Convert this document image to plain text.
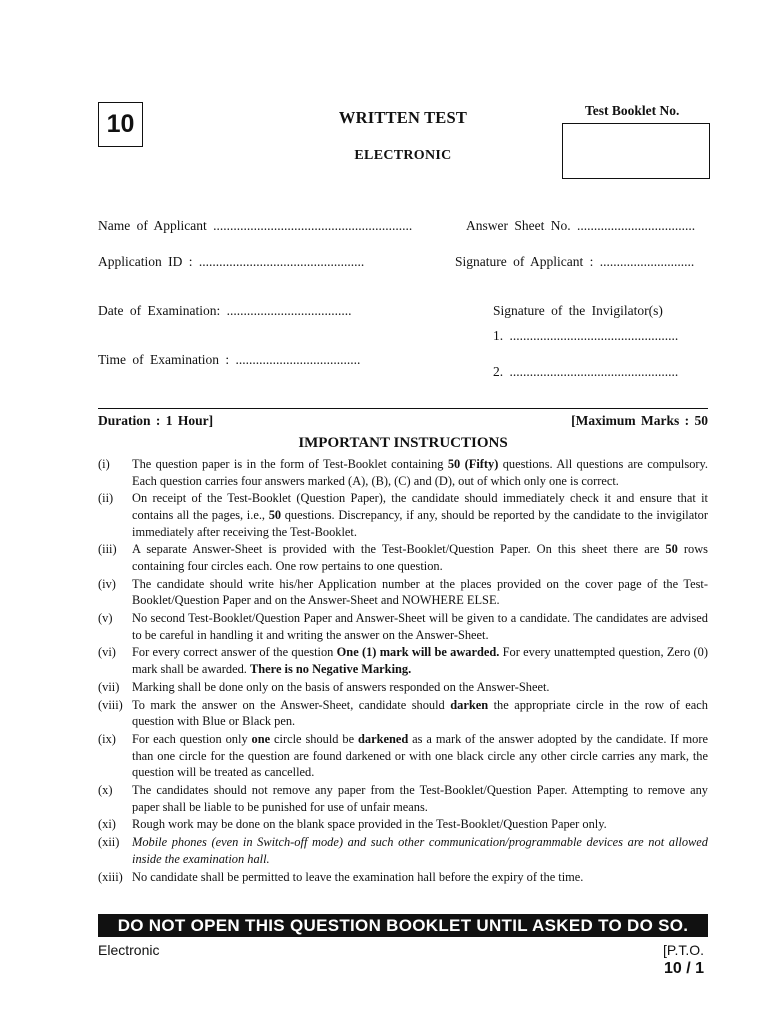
10	WRITTEN TEST
ELECTRONIC
Test Booklet No.
Name of Applicant ...........................................................	Answer Sheet No. ...................................
Application ID : .................................................	Signature of Applicant : ............................
Date of Examination: .....................................	Signature of the Invigilator(s)
1. ..................................................
Time of Examination : .....................................
2. ..................................................
Duration : 1 Hour]	[Maximum Marks : 50
IMPORTANT INSTRUCTIONS
(i)	The question paper is in the form of Test-Booklet containing 50 (Fifty) questions. All questions are compulsory. Each question carries four answers marked (A), (B), (C) and (D), out of which only one is correct.
(ii)	On receipt of the Test-Booklet (Question Paper), the candidate should immediately check it and ensure that it contains all the pages, i.e., 50 questions. Discrepancy, if any, should be reported by the candidate to the invigilator immediately after receiving the Test-Booklet.
(iii)	A separate Answer-Sheet is provided with the Test-Booklet/Question Paper. On this sheet there are 50 rows containing four circles each. One row pertains to one question.
(iv)	The candidate should write his/her Application number at the places provided on the cover page of the Test-Booklet/Question Paper and on the Answer-Sheet and NOWHERE ELSE.
(v)	No second Test-Booklet/Question Paper and Answer-Sheet will be given to a candidate. The candidates are advised to be careful in handling it and writing the answer on the Answer-Sheet.
(vi)	For every correct answer of the question One (1) mark will be awarded. For every unattempted question, Zero (0) mark shall be awarded. There is no Negative Marking.
(vii)	Marking shall be done only on the basis of answers responded on the Answer-Sheet.
(viii) To mark the answer on the Answer-Sheet, candidate should darken the appropriate circle in the row of each question with Blue or Black pen.
(ix)	For each question only one circle should be darkened as a mark of the answer adopted by the candidate. If more than one circle for the question are found darkened or with one black circle any other circle carries any mark, the question will be treated as cancelled.
(x)	The candidates should not remove any paper from the Test-Booklet/Question Paper. Attempting to remove any paper shall be liable to be punished for use of unfair means.
(xi)	Rough work may be done on the blank space provided in the Test-Booklet/Question Paper only.
(xii)	Mobile phones (even in Switch-off mode) and such other communication/programmable devices are not allowed inside the examination hall.
(xiii) No candidate shall be permitted to leave the examination hall before the expiry of the time.
DO NOT OPEN THIS QUESTION BOOKLET UNTIL ASKED TO DO SO.
Electronic	[P.T.O.
10 / 1
